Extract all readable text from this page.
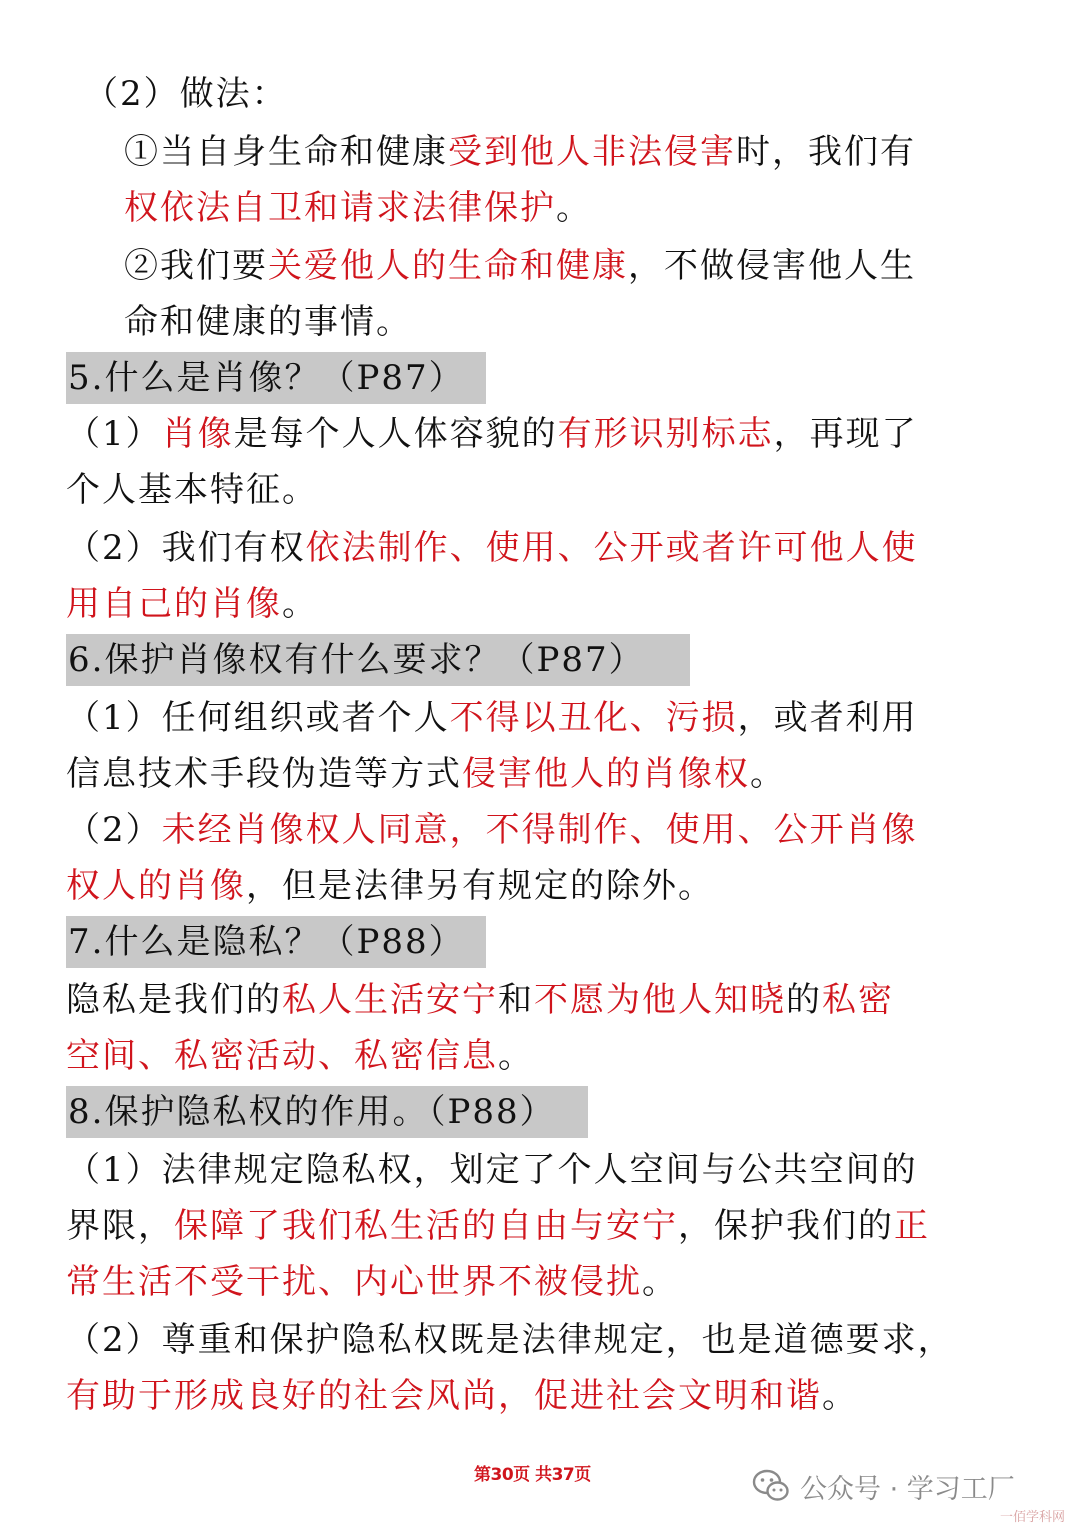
（2）做法：
①当自身生命和健康受到他人非法侵害时，我们有
权依法自卫和请求法律保护。
②我们要关爱他人的生命和健康，不做侵害他人生
命和健康的事情。
5.什么是肖像？（P87）
（1）肖像是每个人人体容貌的有形识别标志，再现了
个人基本特征。
（2）我们有权依法制作、使用、公开或者许可他人使
用自己的肖像。
6.保护肖像权有什么要求？（P87）
（1）任何组织或者个人不得以丑化、污损，或者利用
信息技术手段伪造等方式侵害他人的肖像权。
（2）未经肖像权人同意，不得制作、使用、公开肖像
权人的肖像，但是法律另有规定的除外。
7.什么是隐私？（P88）
隐私是我们的私人生活安宁和不愿为他人知晓的私密
空间、私密活动、私密信息。
8.保护隐私权的作用。（P88）
（1）法律规定隐私权，划定了个人空间与公共空间的
界限，保障了我们私生活的自由与安宁，保护我们的正
常生活不受干扰、内心世界不被侵扰。
（2）尊重和保护隐私权既是法律规定，也是道德要求，
有助于形成良好的社会风尚，促进社会文明和谐。
第30页 共37页	公众号 · 学习工厂
一佰学科网
